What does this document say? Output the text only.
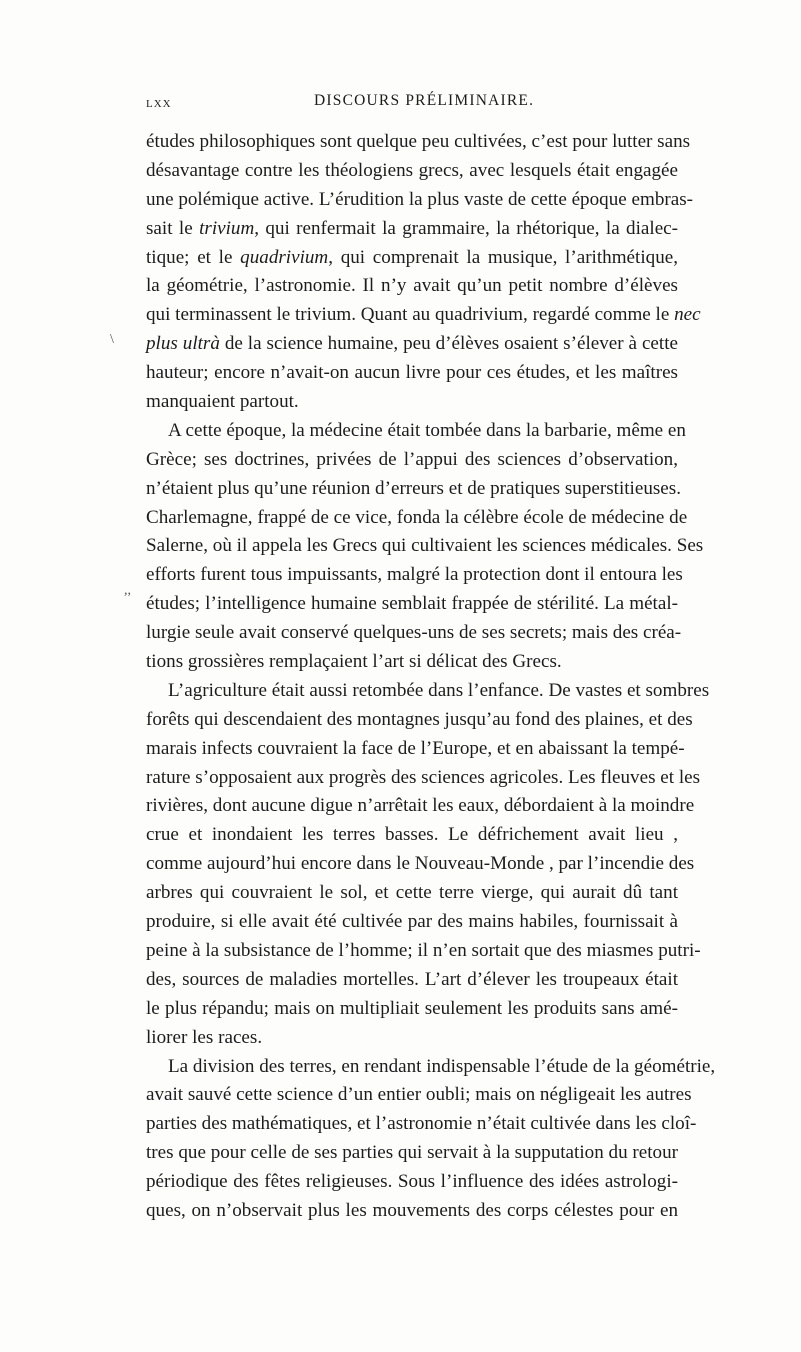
LXX	DISCOURS PRÉLIMINAIRE.
\
,,
études philosophiques sont quelque peu cultivées, c’est pour lutter sans
désavantage contre les théologiens grecs, avec lesquels était engagée
une polémique active. L’érudition la plus vaste de cette époque embras-
sait le trivium, qui renfermait la grammaire, la rhétorique, la dialec-
tique; et le quadrivium, qui comprenait la musique, l’arithmétique,
la géométrie, l’astronomie. Il n’y avait qu’un petit nombre d’élèves
qui terminassent le trivium. Quant au quadrivium, regardé comme le nec
plus ultrà de la science humaine, peu d’élèves osaient s’élever à cette
hauteur; encore n’avait-on aucun livre pour ces études, et les maîtres
manquaient partout.
A cette époque, la médecine était tombée dans la barbarie, même en
Grèce; ses doctrines, privées de l’appui des sciences d’observation,
n’étaient plus qu’une réunion d’erreurs et de pratiques superstitieuses.
Charlemagne, frappé de ce vice, fonda la célèbre école de médecine de
Salerne, où il appela les Grecs qui cultivaient les sciences médicales. Ses
efforts furent tous impuissants, malgré la protection dont il entoura les
études; l’intelligence humaine semblait frappée de stérilité. La métal-
lurgie seule avait conservé quelques-uns de ses secrets; mais des créa-
tions grossières remplaçaient l’art si délicat des Grecs.
L’agriculture était aussi retombée dans l’enfance. De vastes et sombres
forêts qui descendaient des montagnes jusqu’au fond des plaines, et des
marais infects couvraient la face de l’Europe, et en abaissant la tempé-
rature s’opposaient aux progrès des sciences agricoles. Les fleuves et les
rivières, dont aucune digue n’arrêtait les eaux, débordaient à la moindre
crue et inondaient les terres basses. Le défrichement avait lieu ,
comme aujourd’hui encore dans le Nouveau-Monde , par l’incendie des
arbres qui couvraient le sol, et cette terre vierge, qui aurait dû tant
produire, si elle avait été cultivée par des mains habiles, fournissait à
peine à la subsistance de l’homme; il n’en sortait que des miasmes putri-
des, sources de maladies mortelles. L’art d’élever les troupeaux était
le plus répandu; mais on multipliait seulement les produits sans amé-
liorer les races.
La division des terres, en rendant indispensable l’étude de la géométrie,
avait sauvé cette science d’un entier oubli; mais on négligeait les autres
parties des mathématiques, et l’astronomie n’était cultivée dans les cloî-
tres que pour celle de ses parties qui servait à la supputation du retour
périodique des fêtes religieuses. Sous l’influence des idées astrologi-
ques, on n’observait plus les mouvements des corps célestes pour en
